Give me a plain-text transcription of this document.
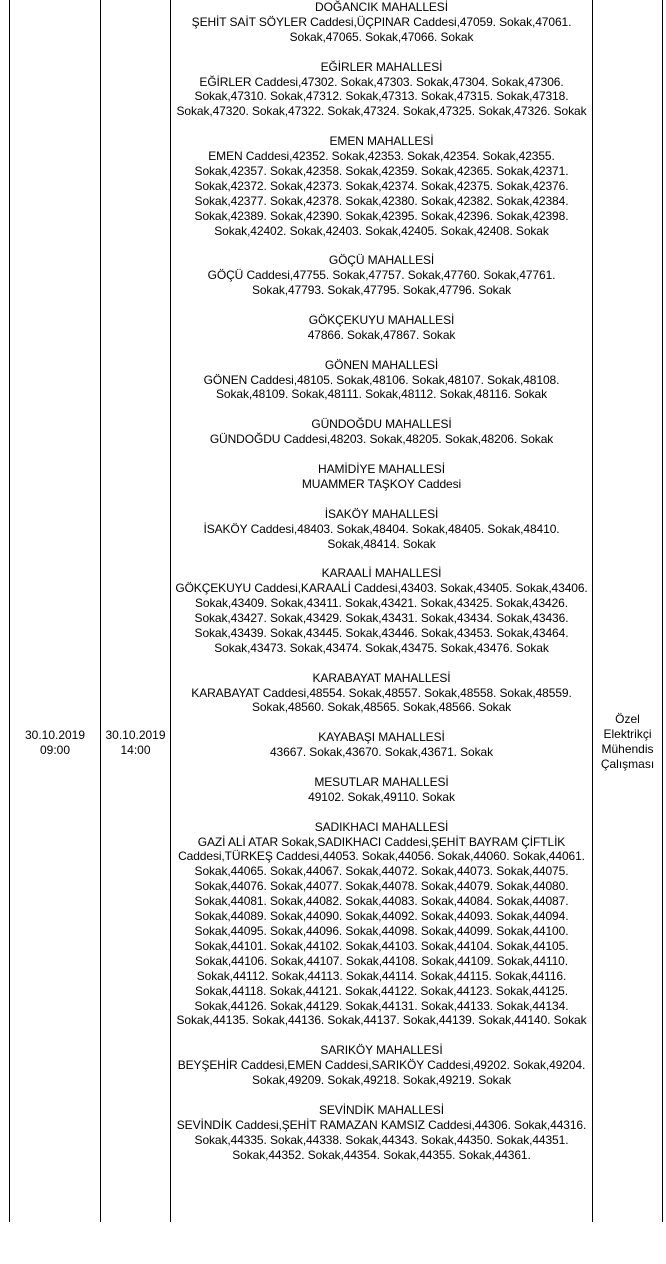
30.10.2019
09:00
30.10.2019
14:00
DOĞANCIK MAHALLESİ
ŞEHİT SAİT SÖYLER Caddesi,ÜÇPINAR Caddesi,47059. Sokak,47061. Sokak,47065. Sokak,47066. Sokak
EĞİRLER MAHALLESİ
EĞİRLER Caddesi,47302. Sokak,47303. Sokak,47304. Sokak,47306. Sokak,47310. Sokak,47312. Sokak,47313. Sokak,47315. Sokak,47318. Sokak,47320. Sokak,47322. Sokak,47324. Sokak,47325. Sokak,47326. Sokak
EMEN MAHALLESİ
EMEN Caddesi,42352. Sokak,42353. Sokak,42354. Sokak,42355. Sokak,42357. Sokak,42358. Sokak,42359. Sokak,42365. Sokak,42371. Sokak,42372. Sokak,42373. Sokak,42374. Sokak,42375. Sokak,42376. Sokak,42377. Sokak,42378. Sokak,42380. Sokak,42382. Sokak,42384. Sokak,42389. Sokak,42390. Sokak,42395. Sokak,42396. Sokak,42398. Sokak,42402. Sokak,42403. Sokak,42405. Sokak,42408. Sokak
GÖÇÜ MAHALLESİ
GÖÇÜ Caddesi,47755. Sokak,47757. Sokak,47760. Sokak,47761. Sokak,47793. Sokak,47795. Sokak,47796. Sokak
GÖKÇEKUYU MAHALLESİ
47866. Sokak,47867. Sokak
GÖNEN MAHALLESİ
GÖNEN Caddesi,48105. Sokak,48106. Sokak,48107. Sokak,48108. Sokak,48109. Sokak,48111. Sokak,48112. Sokak,48116. Sokak
GÜNDOĞDU MAHALLESİ
GÜNDOĞDU Caddesi,48203. Sokak,48205. Sokak,48206. Sokak
HAMİDİYE MAHALLESİ
MUAMMER TAŞKOY Caddesi
İSAKÖY MAHALLESİ
İSAKÖY Caddesi,48403. Sokak,48404. Sokak,48405. Sokak,48410. Sokak,48414. Sokak
KARAALİ MAHALLESİ
GÖKÇEKUYU Caddesi,KARAALİ Caddesi,43403. Sokak,43405. Sokak,43406. Sokak,43409. Sokak,43411. Sokak,43421. Sokak,43425. Sokak,43426. Sokak,43427. Sokak,43429. Sokak,43431. Sokak,43434. Sokak,43436. Sokak,43439. Sokak,43445. Sokak,43446. Sokak,43453. Sokak,43464. Sokak,43473. Sokak,43474. Sokak,43475. Sokak,43476. Sokak
KARABAYAT MAHALLESİ
KARABAYAT Caddesi,48554. Sokak,48557. Sokak,48558. Sokak,48559. Sokak,48560. Sokak,48565. Sokak,48566. Sokak
KAYABAŞI MAHALLESİ
43667. Sokak,43670. Sokak,43671. Sokak
MESUTLAR MAHALLESİ
49102. Sokak,49110. Sokak
SADIKHACI MAHALLESİ
GAZİ ALİ ATAR Sokak,SADIKHACI Caddesi,ŞEHİT BAYRAM ÇİFTLİK Caddesi,TÜRKEŞ Caddesi,44053. Sokak,44056. Sokak,44060. Sokak,44061. Sokak,44065. Sokak,44067. Sokak,44072. Sokak,44073. Sokak,44075. Sokak,44076. Sokak,44077. Sokak,44078. Sokak,44079. Sokak,44080. Sokak,44081. Sokak,44082. Sokak,44083. Sokak,44084. Sokak,44087. Sokak,44089. Sokak,44090. Sokak,44092. Sokak,44093. Sokak,44094. Sokak,44095. Sokak,44096. Sokak,44098. Sokak,44099. Sokak,44100. Sokak,44101. Sokak,44102. Sokak,44103. Sokak,44104. Sokak,44105. Sokak,44106. Sokak,44107. Sokak,44108. Sokak,44109. Sokak,44110. Sokak,44112. Sokak,44113. Sokak,44114. Sokak,44115. Sokak,44116. Sokak,44118. Sokak,44121. Sokak,44122. Sokak,44123. Sokak,44125. Sokak,44126. Sokak,44129. Sokak,44131. Sokak,44133. Sokak,44134. Sokak,44135. Sokak,44136. Sokak,44137. Sokak,44139. Sokak,44140. Sokak
SARIKÖY MAHALLESİ
BEYŞEHİR Caddesi,EMEN Caddesi,SARIKÖY Caddesi,49202. Sokak,49204. Sokak,49209. Sokak,49218. Sokak,49219. Sokak
SEVİNDİK MAHALLESİ
SEVİNDİK Caddesi,ŞEHİT RAMAZAN KAMSIZ Caddesi,44306. Sokak,44316. Sokak,44335. Sokak,44338. Sokak,44343. Sokak,44350. Sokak,44351. Sokak,44352. Sokak,44354. Sokak,44355. Sokak,44361.
Özel
Elektrikçi
Mühendis
Çalışması
